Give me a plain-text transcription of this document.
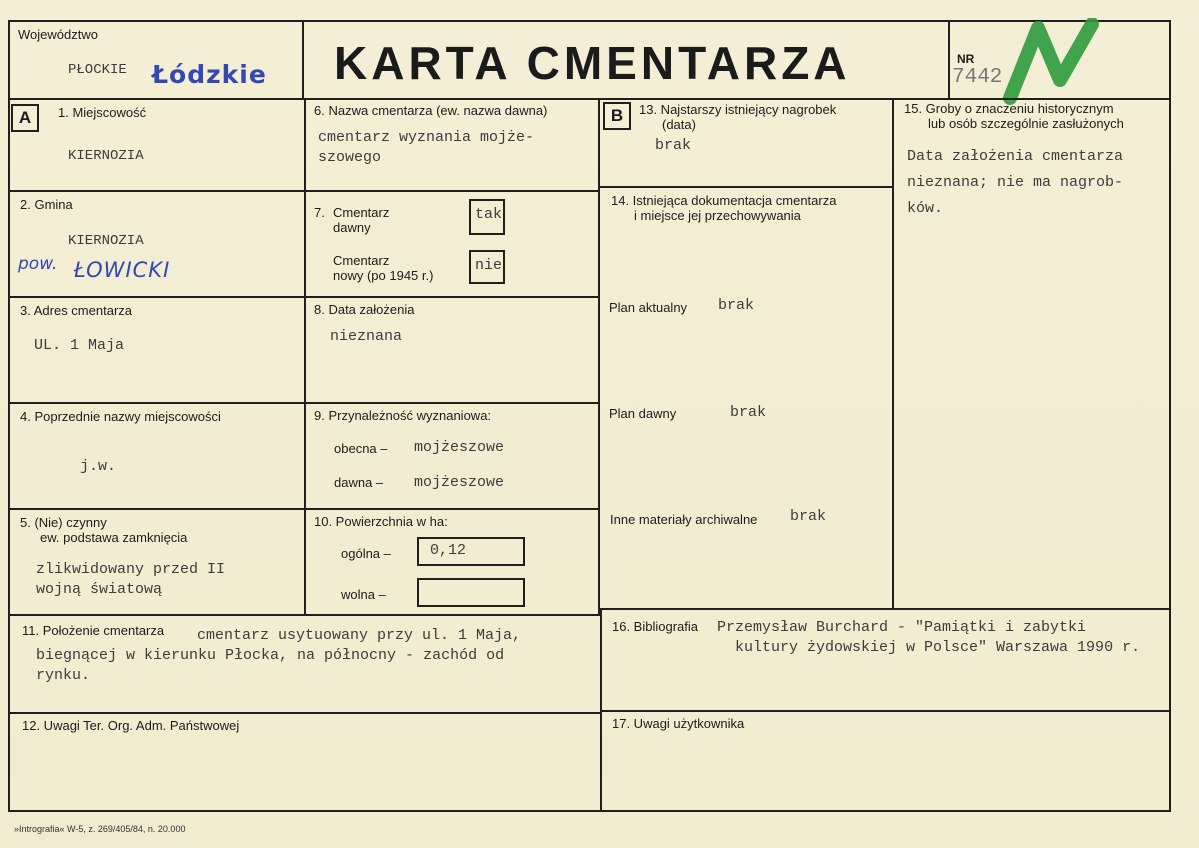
Województwo
PŁOCKIE Łódzkie KARTA CMENTARZA	NR
7442
A	1. Miejscowość
KIERNOZIA
2. Gmina
KIERNOZIA
pow. ŁOWICKI
3. Adres cmentarza
UL. 1 Maja
4. Poprzednie nazwy miejscowości
j.w.
5. (Nie) czynny
ew. podstawa zamknięcia
zlikwidowany przed II
wojną światową
6. Nazwa cmentarza (ew. nazwa dawna)
cmentarz wyznania mojże-
szowego
7. Cmentarz
dawny
tak
Cmentarz
nowy (po 1945 r.)
nie
8. Data założenia
nieznana
9. Przynależność wyznaniowa:
obecna – mojżeszowe
dawna – mojżeszowe
10. Powierzchnia w ha:
ogólna –	0,12
wolna –
B	13. Najstarszy istniejący nagrobek
(data)
brak
14. Istniejąca dokumentacja cmentarza
i miejsce jej przechowywania
Plan aktualny brak
Plan dawny	brak
Inne materiały archiwalne brak
15. Groby o znaczeniu historycznym
lub osób szczególnie zasłużonych
Data założenia cmentarza
nieznana; nie ma nagrob-
ków.
11. Położenie cmentarza cmentarz usytuowany przy ul. 1 Maja,
biegnącej w kierunku Płocka, na północny - zachód od
rynku.
16. Bibliografia Przemysław Burchard - "Pamiątki i zabytki
kultury żydowskiej w Polsce" Warszawa 1990 r.
12. Uwagi Ter. Org. Adm. Państwowej	17. Uwagi użytkownika
»Intrografia« W-5, z. 269/405/84, n. 20.000
